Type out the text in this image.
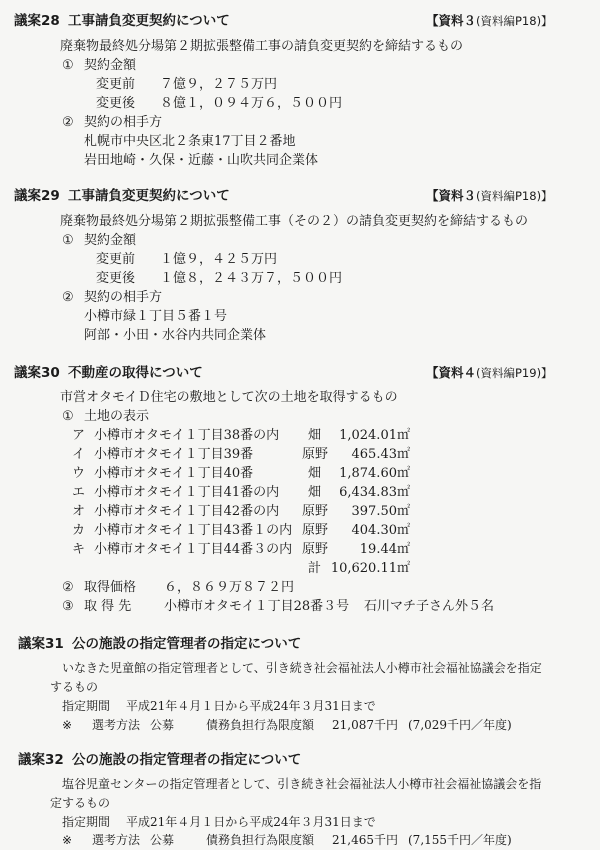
議案28 工事請負変更契約について	【資料３(資料編P18)】
廃棄物最終処分場第２期拡張整備工事の請負変更契約を締結するもの
① 契約金額
変更前 ７億９，２７５万円
変更後 ８億１，０９４万６，５００円
② 契約の相手方
札幌市中央区北２条東17丁目２番地
岩田地崎・久保・近藤・山吹共同企業体
議案29 工事請負変更契約について	【資料３(資料編P18)】
廃棄物最終処分場第２期拡張整備工事（その２）の請負変更契約を締結するもの
① 契約金額
変更前 １億９，４２５万円
変更後 １億８，２４３万７，５００円
② 契約の相手方
小樽市緑１丁目５番１号
阿部・小田・水谷内共同企業体
議案30 不動産の取得について	【資料４(資料編P19)】
市営オタモイＤ住宅の敷地として次の土地を取得するもの
① 土地の表示
ア 小樽市オタモイ１丁目38番の内 畑	1,024.01㎡
イ 小樽市オタモイ１丁目39番	原野	465.43㎡
ウ 小樽市オタモイ１丁目40番	畑	1,874.60㎡
エ 小樽市オタモイ１丁目41番の内 畑	6,434.83㎡
オ 小樽市オタモイ１丁目42番の内 原野	397.50㎡
カ 小樽市オタモイ１丁目43番１の内 原野	404.30㎡
キ 小樽市オタモイ１丁目44番３の内 原野	19.44㎡
計 10,620.11㎡
② 取得価格 ６，８６９万８７２円
③ 取 得 先	小樽市オタモイ１丁目28番３号 石川マチ子さん外５名
議案31 公の施設の指定管理者の指定について
いなきた児童館の指定管理者として、引き続き社会福祉法人小樽市社会福祉協議会を指定
するもの
指定期間 平成21年４月１日から平成24年３月31日まで
※ 選考方法 公募	債務負担行為限度額 21,087千円 (7,029千円／年度)
議案32 公の施設の指定管理者の指定について
塩谷児童センターの指定管理者として、引き続き社会福祉法人小樽市社会福祉協議会を指
定するもの
指定期間 平成21年４月１日から平成24年３月31日まで
※ 選考方法 公募	債務負担行為限度額 21,465千円 (7,155千円／年度)
